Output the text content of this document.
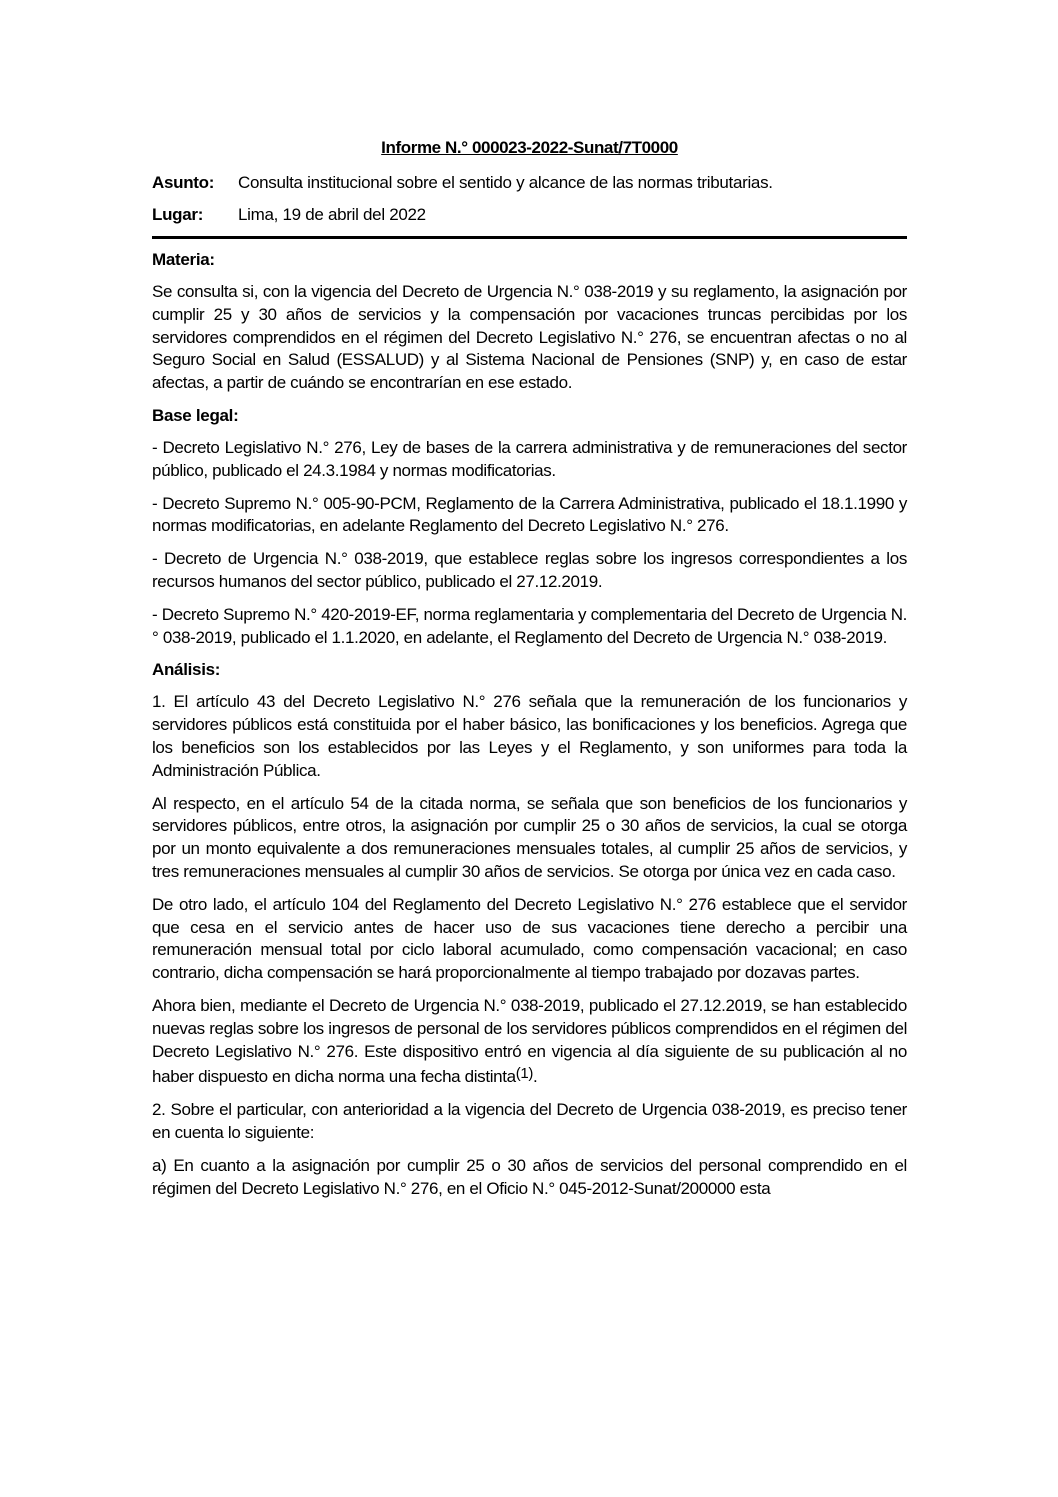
Informe N.° 000023-2022-Sunat/7T0000
Asunto:	Consulta institucional sobre el sentido y alcance de las normas tributarias.
Lugar:	Lima, 19 de abril del 2022
Materia:

Se consulta si, con la vigencia del Decreto de Urgencia N.° 038-2019 y su reglamento, la asignación por cumplir 25 y 30 años de servicios y la compensación por vacaciones truncas percibidas por los servidores comprendidos en el régimen del Decreto Legislativo N.° 276, se encuentran afectas o no al Seguro Social en Salud (ESSALUD) y al Sistema Nacional de Pensiones (SNP) y, en caso de estar afectas, a partir de cuándo se encontrarían en ese estado.

Base legal:

- Decreto Legislativo N.° 276, Ley de bases de la carrera administrativa y de remuneraciones del sector público, publicado el 24.3.1984 y normas modificatorias.

- Decreto Supremo N.° 005-90-PCM, Reglamento de la Carrera Administrativa, publicado el 18.1.1990 y normas modificatorias, en adelante Reglamento del Decreto Legislativo N.° 276.

- Decreto de Urgencia N.° 038-2019, que establece reglas sobre los ingresos correspondientes a los recursos humanos del sector público, publicado el 27.12.2019.

- Decreto Supremo N.° 420-2019-EF, norma reglamentaria y complementaria del Decreto de Urgencia N.° 038-2019, publicado el 1.1.2020, en adelante, el Reglamento del Decreto de Urgencia N.° 038-2019.

Análisis:

1. El artículo 43 del Decreto Legislativo N.° 276 señala que la remuneración de los funcionarios y servidores públicos está constituida por el haber básico, las bonificaciones y los beneficios. Agrega que los beneficios son los establecidos por las Leyes y el Reglamento, y son uniformes para toda la Administración Pública.

Al respecto, en el artículo 54 de la citada norma, se señala que son beneficios de los funcionarios y servidores públicos, entre otros, la asignación por cumplir 25 o 30 años de servicios, la cual se otorga por un monto equivalente a dos remuneraciones mensuales totales, al cumplir 25 años de servicios, y tres remuneraciones mensuales al cumplir 30 años de servicios. Se otorga por única vez en cada caso.

De otro lado, el artículo 104 del Reglamento del Decreto Legislativo N.° 276 establece que el servidor que cesa en el servicio antes de hacer uso de sus vacaciones tiene derecho a percibir una remuneración mensual total por ciclo laboral acumulado, como compensación vacacional; en caso contrario, dicha compensación se hará proporcionalmente al tiempo trabajado por dozavas partes.

Ahora bien, mediante el Decreto de Urgencia N.° 038-2019, publicado el 27.12.2019, se han establecido nuevas reglas sobre los ingresos de personal de los servidores públicos comprendidos en el régimen del Decreto Legislativo N.° 276. Este dispositivo entró en vigencia al día siguiente de su publicación al no haber dispuesto en dicha norma una fecha distinta$^{(1)}$.

2. Sobre el particular, con anterioridad a la vigencia del Decreto de Urgencia 038-2019, es preciso tener en cuenta lo siguiente:

a) En cuanto a la asignación por cumplir 25 o 30 años de servicios del personal comprendido en el régimen del Decreto Legislativo N.° 276, en el Oficio N.° 045-2012-Sunat/200000 esta
